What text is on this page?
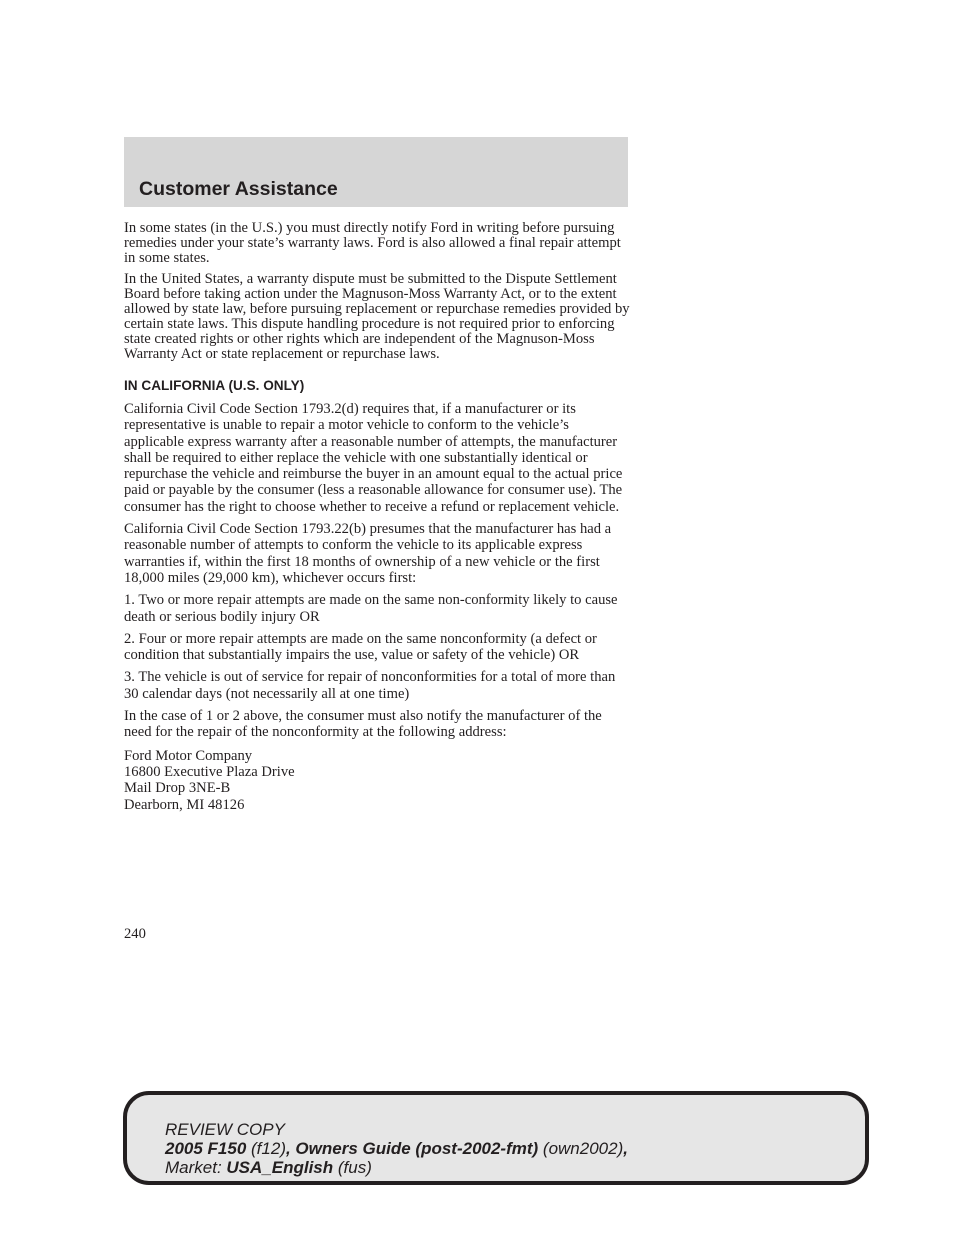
Customer Assistance

In some states (in the U.S.) you must directly notify Ford in writing before pursuing remedies under your state’s warranty laws. Ford is also allowed a final repair attempt in some states.

In the United States, a warranty dispute must be submitted to the Dispute Settlement Board before taking action under the Magnuson-Moss Warranty Act, or to the extent allowed by state law, before pursuing replacement or repurchase remedies provided by certain state laws. This dispute handling procedure is not required prior to enforcing state created rights or other rights which are independent of the Magnuson-Moss Warranty Act or state replacement or repurchase laws.

IN CALIFORNIA (U.S. ONLY)

California Civil Code Section 1793.2(d) requires that, if a manufacturer or its representative is unable to repair a motor vehicle to conform to the vehicle’s applicable express warranty after a reasonable number of attempts, the manufacturer shall be required to either replace the vehicle with one substantially identical or repurchase the vehicle and reimburse the buyer in an amount equal to the actual price paid or payable by the consumer (less a reasonable allowance for consumer use). The consumer has the right to choose whether to receive a refund or replacement vehicle.

California Civil Code Section 1793.22(b) presumes that the manufacturer has had a reasonable number of attempts to conform the vehicle to its applicable express warranties if, within the first 18 months of ownership of a new vehicle or the first 18,000 miles (29,000 km), whichever occurs first:

1. Two or more repair attempts are made on the same non-conformity likely to cause death or serious bodily injury OR

2. Four or more repair attempts are made on the same nonconformity (a defect or condition that substantially impairs the use, value or safety of the vehicle) OR

3. The vehicle is out of service for repair of nonconformities for a total of more than 30 calendar days (not necessarily all at one time)

In the case of 1 or 2 above, the consumer must also notify the manufacturer of the need for the repair of the nonconformity at the following address:

Ford Motor Company
16800 Executive Plaza Drive
Mail Drop 3NE-B
Dearborn, MI 48126

240

REVIEW COPY
2005 F150 (f12), Owners Guide (post-2002-fmt) (own2002),
Market: USA_English (fus)
